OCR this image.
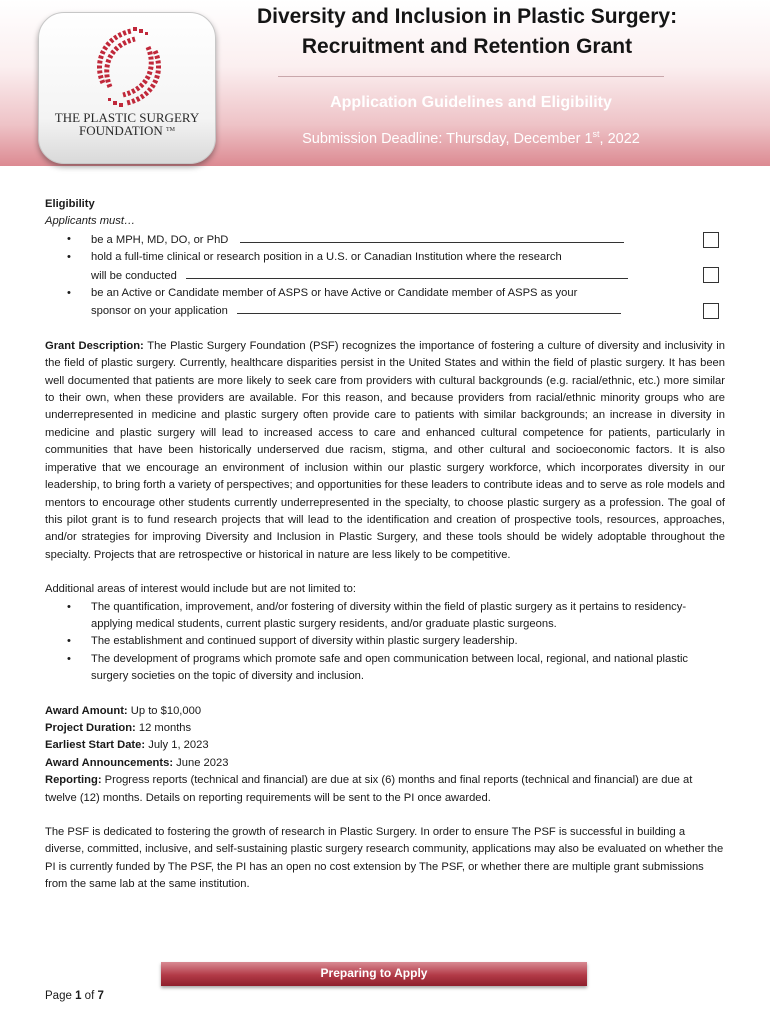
THE PLASTIC SURGERY
FOUNDATION ™
Diversity and Inclusion in Plastic Surgery:
Recruitment and Retention Grant
Application Guidelines and Eligibility
Submission Deadline: Thursday, December 1st, 2022

Eligibility

Applicants must…

• be a MPH, MD, DO, or PhD
• hold a full-time clinical or research position in a U.S. or Canadian Institution where the research
will be conducted
• be an Active or Candidate member of ASPS or have Active or Candidate member of ASPS as your
sponsor on your application

Grant Description: The Plastic Surgery Foundation (PSF) recognizes the importance of fostering a culture of diversity and inclusivity in the field of plastic surgery. Currently, healthcare disparities persist in the United States and within the field of plastic surgery. It has been well documented that patients are more likely to seek care from providers with cultural backgrounds (e.g. racial/ethnic, etc.) more similar to their own, when these providers are available. For this reason, and because providers from racial/ethnic minority groups who are underrepresented in medicine and plastic surgery often provide care to patients with similar backgrounds; an increase in diversity in medicine and plastic surgery will lead to increased access to care and enhanced cultural competence for patients, particularly in communities that have been historically underserved due racism, stigma, and other cultural and socioeconomic factors. It is also imperative that we encourage an environment of inclusion within our plastic surgery workforce, which incorporates diversity in our leadership, to bring forth a variety of perspectives; and opportunities for these leaders to contribute ideas and to serve as role models and mentors to encourage other students currently underrepresented in the specialty, to choose plastic surgery as a profession. The goal of this pilot grant is to fund research projects that will lead to the identification and creation of prospective tools, resources, approaches, and/or strategies for improving Diversity and Inclusion in Plastic Surgery, and these tools should be widely adoptable throughout the specialty. Projects that are retrospective or historical in nature are less likely to be competitive.

Additional areas of interest would include but are not limited to:

• The quantification, improvement, and/or fostering of diversity within the field of plastic surgery as it pertains to residency-applying medical students, current plastic surgery residents, and/or graduate plastic surgeons.
• The establishment and continued support of diversity within plastic surgery leadership.
• The development of programs which promote safe and open communication between local, regional, and national plastic surgery societies on the topic of diversity and inclusion.

Award Amount: Up to $10,000

Project Duration: 12 months

Earliest Start Date: July 1, 2023

Award Announcements: June 2023

Reporting: Progress reports (technical and financial) are due at six (6) months and final reports (technical and financial) are due at twelve (12) months. Details on reporting requirements will be sent to the PI once awarded.

The PSF is dedicated to fostering the growth of research in Plastic Surgery. In order to ensure The PSF is successful in building a diverse, committed, inclusive, and self-sustaining plastic surgery research community, applications may also be evaluated on whether the PI is currently funded by The PSF, the PI has an open no cost extension by The PSF, or whether there are multiple grant submissions from the same lab at the same institution.

Preparing to Apply
Page 1 of 7
